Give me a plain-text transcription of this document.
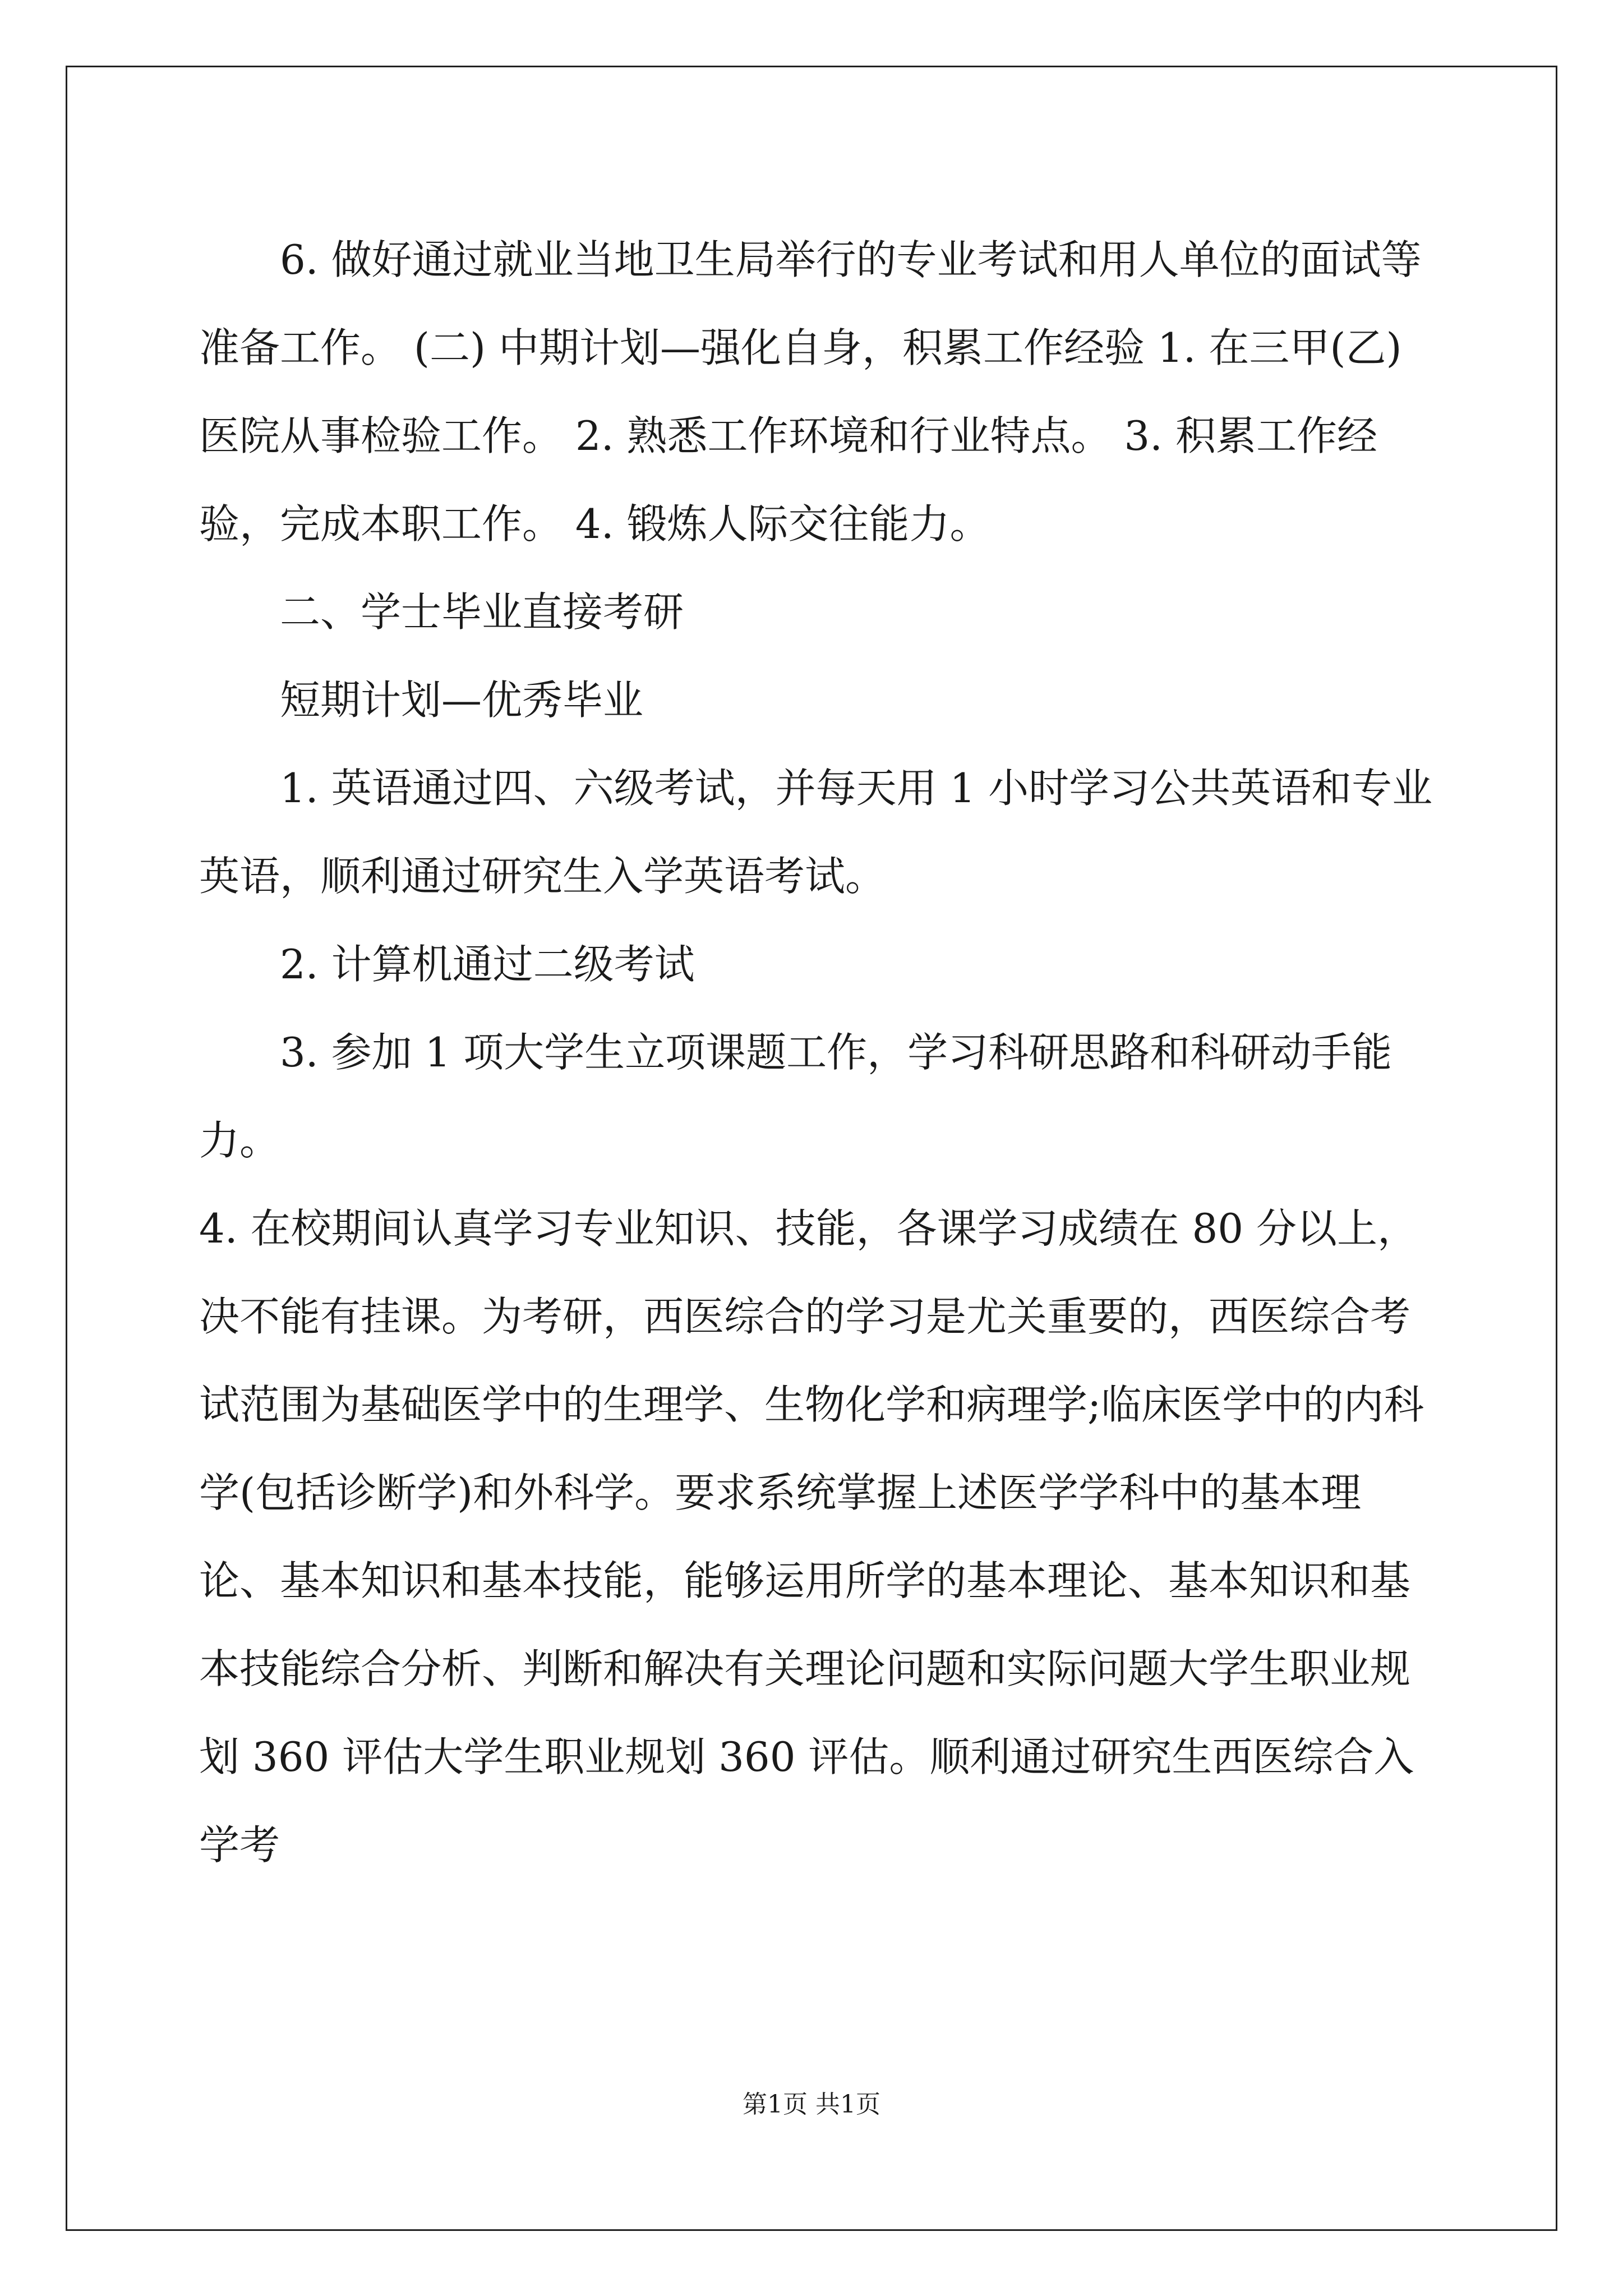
6. 做好通过就业当地卫生局举行的专业考试和用人单位的面试等准备工作。 (二) 中期计划—强化自身，积累工作经验 1. 在三甲(乙)医院从事检验工作。 2. 熟悉工作环境和行业特点。 3. 积累工作经验，完成本职工作。 4. 锻炼人际交往能力。

二、学士毕业直接考研

短期计划—优秀毕业

1. 英语通过四、六级考试，并每天用 1 小时学习公共英语和专业英语，顺利通过研究生入学英语考试。

2. 计算机通过二级考试

3. 参加 1 项大学生立项课题工作，学习科研思路和科研动手能力。

4. 在校期间认真学习专业知识、技能，各课学习成绩在 80 分以上，决不能有挂课。为考研，西医综合的学习是尤关重要的，西医综合考试范围为基础医学中的生理学、生物化学和病理学;临床医学中的内科学(包括诊断学)和外科学。要求系统掌握上述医学学科中的基本理论、基本知识和基本技能，能够运用所学的基本理论、基本知识和基本技能综合分析、判断和解决有关理论问题和实际问题大学生职业规划 360 评估大学生职业规划 360 评估。顺利通过研究生西医综合入学考

第1页 共1页
